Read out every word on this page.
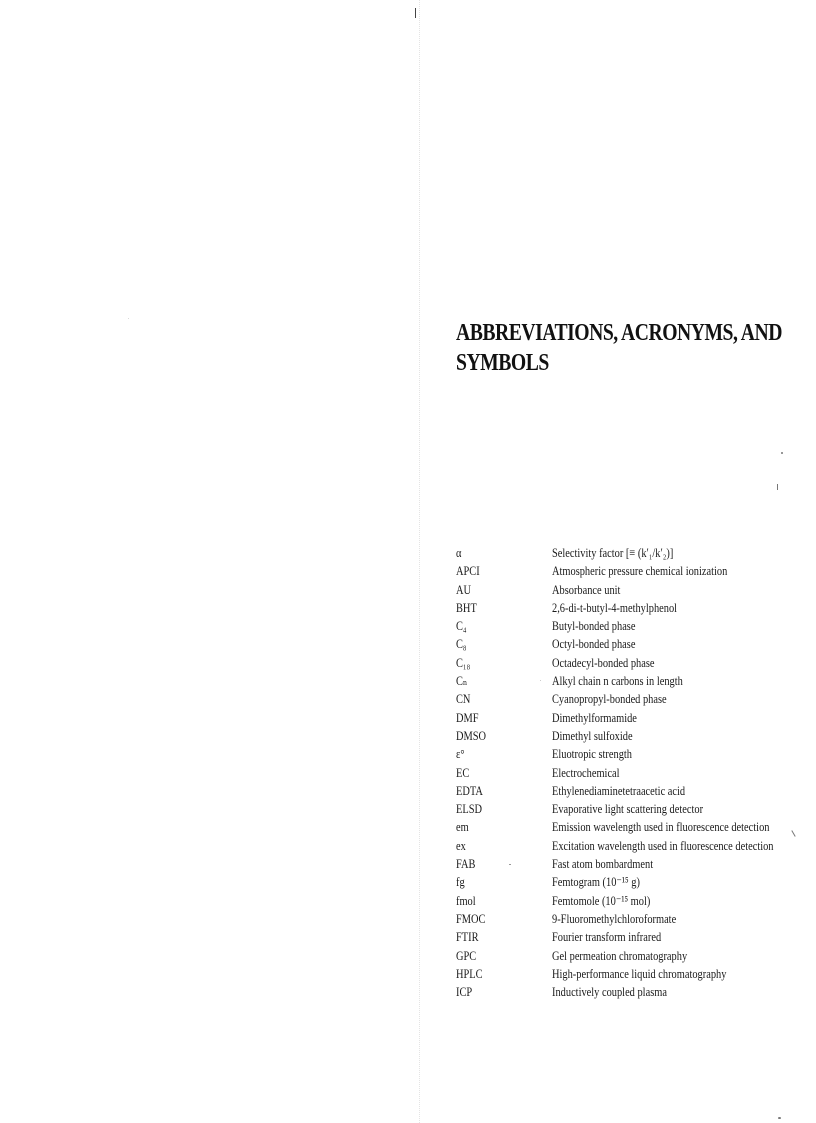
ABBREVIATIONS, ACRONYMS, AND
SYMBOLS
α	Selectivity factor [≡ (k′₁/k′₂)]
APCI	Atmospheric pressure chemical ionization
AU	Absorbance unit
BHT	2,6-di-t-butyl-4-methylphenol
C₄	Butyl-bonded phase
C₈	Octyl-bonded phase
C₁₈	Octadecyl-bonded phase
Cₙ	Alkyl chain n carbons in length
CN	Cyanopropyl-bonded phase
DMF	Dimethylformamide
DMSO	Dimethyl sulfoxide
ε°	Eluotropic strength
EC	Electrochemical
EDTA	Ethylenediaminetetraacetic acid
ELSD	Evaporative light scattering detector
em	Emission wavelength used in fluorescence detection
ex	Excitation wavelength used in fluorescence detection
FAB	Fast atom bombardment
fg	Femtogram (10⁻¹⁵ g)
fmol	Femtomole (10⁻¹⁵ mol)
FMOC	9-Fluoromethylchloroformate
FTIR	Fourier transform infrared
GPC	Gel permeation chromatography
HPLC	High-performance liquid chromatography
ICP	Inductively coupled plasma
